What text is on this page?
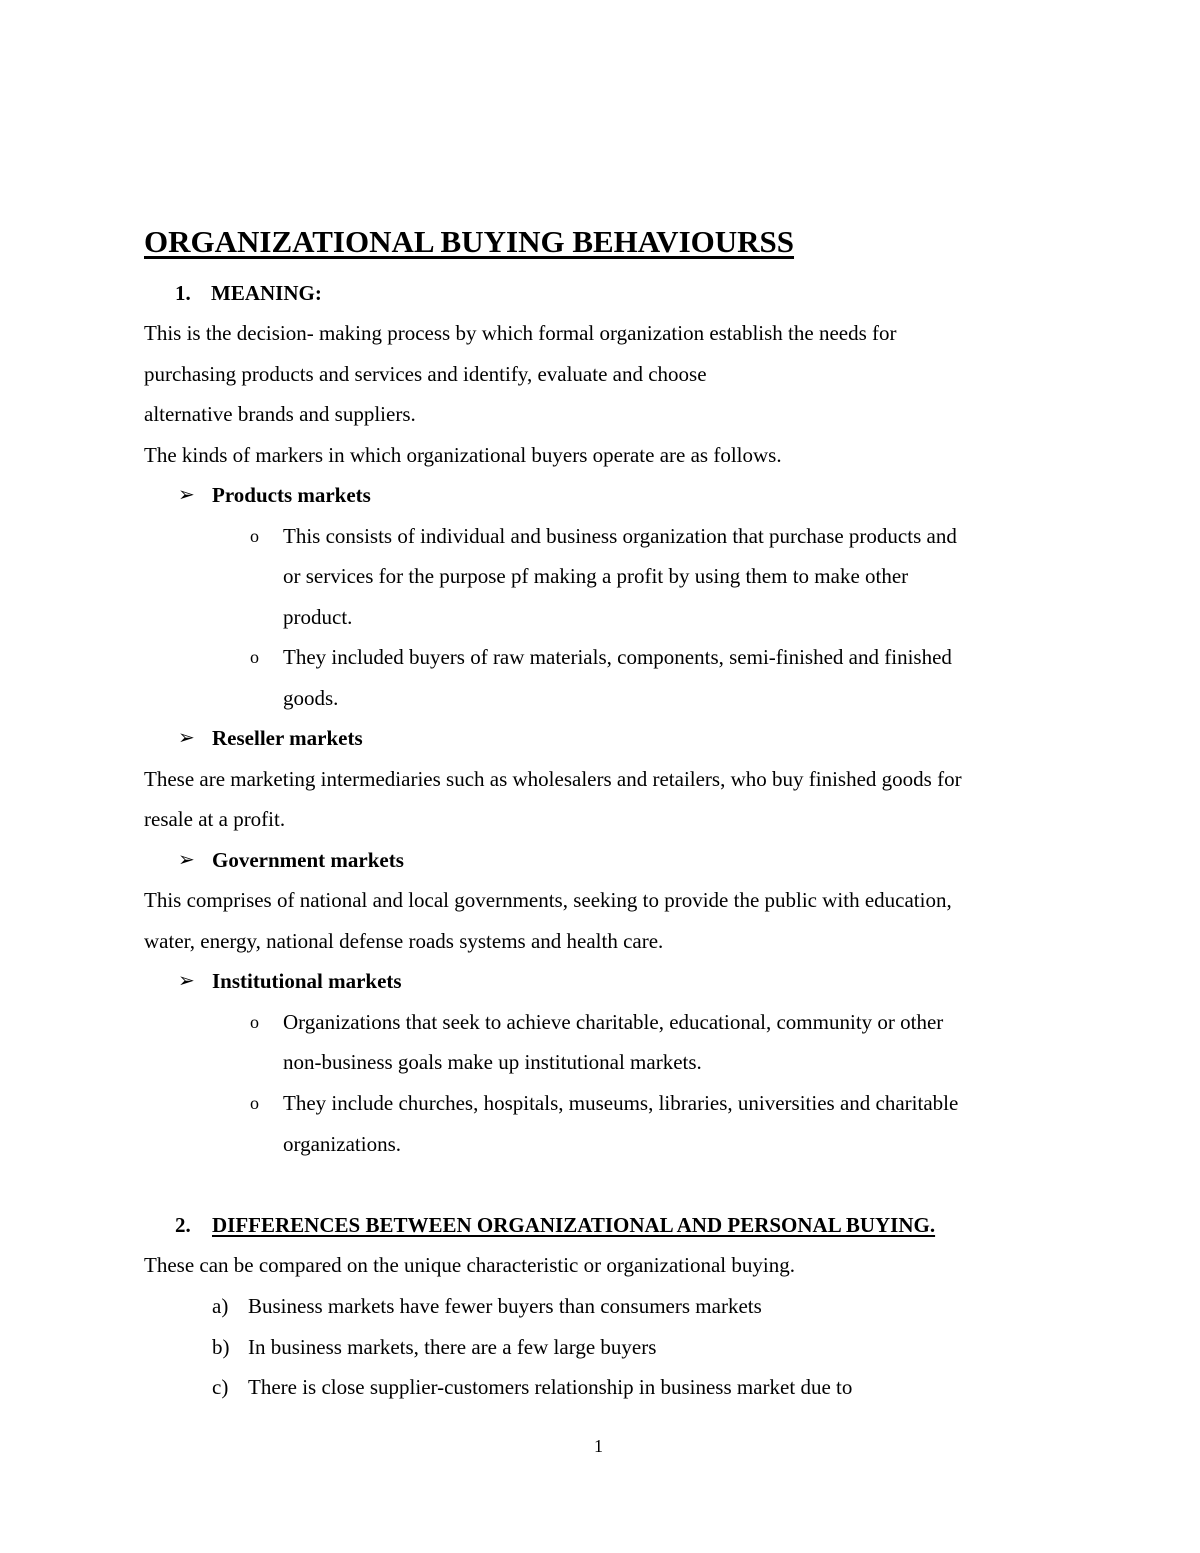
ORGANIZATIONAL BUYING BEHAVIOURSS
1. MEANING:
This is the decision- making process by which formal organization establish the needs for
purchasing products and services and identify, evaluate and choose
alternative brands and suppliers.
The kinds of markers in which organizational buyers operate are as follows.
➢ Products markets
o This consists of individual and business organization that purchase products and
or services for the purpose pf making a profit by using them to make other
product.
o They included buyers of raw materials, components, semi-finished and finished
goods.
➢ Reseller markets
These are marketing intermediaries such as wholesalers and retailers, who buy finished goods for
resale at a profit.
➢ Government markets
This comprises of national and local governments, seeking to provide the public with education,
water, energy, national defense roads systems and health care.
➢ Institutional markets
o Organizations that seek to achieve charitable, educational, community or other
non-business goals make up institutional markets.
o They include churches, hospitals, museums, libraries, universities and charitable
organizations.
2. DIFFERENCES BETWEEN ORGANIZATIONAL AND PERSONAL BUYING.
These can be compared on the unique characteristic or organizational buying.
a) Business markets have fewer buyers than consumers markets
b) In business markets, there are a few large buyers
c) There is close supplier-customers relationship in business market due to
1
